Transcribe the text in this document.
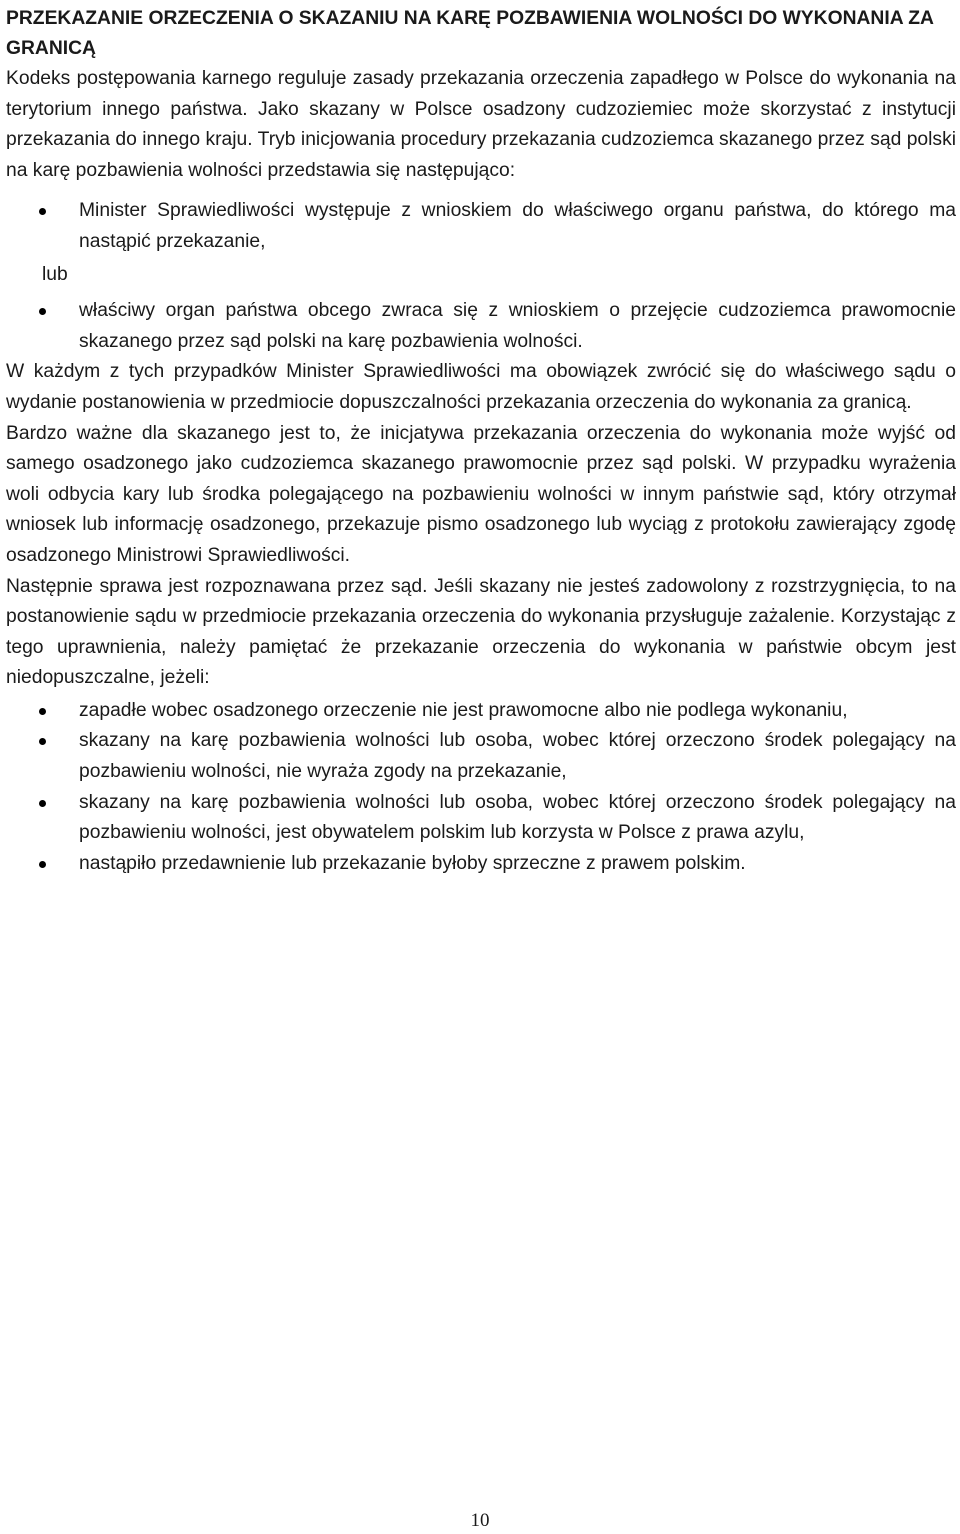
PRZEKAZANIE ORZECZENIA O SKAZANIU NA KARĘ POZBAWIENIA WOLNOŚCI DO WYKONANIA ZA GRANICĄ

Kodeks postępowania karnego reguluje zasady przekazania orzeczenia zapadłego w Polsce do wykonania na terytorium innego państwa. Jako skazany w Polsce osadzony cudzoziemiec może skorzystać z instytucji przekazania do innego kraju. Tryb inicjowania procedury przekazania cudzoziemca skazanego przez sąd polski na karę pozbawienia wolności przedstawia się następująco:

Minister Sprawiedliwości występuje z wnioskiem do właściwego organu państwa, do którego ma nastąpić przekazanie,
lub
właściwy organ państwa obcego zwraca się z wnioskiem o przejęcie cudzoziemca prawomocnie skazanego przez sąd polski na karę pozbawienia wolności.

W każdym z tych przypadków Minister Sprawiedliwości ma obowiązek zwrócić się do właściwego sądu o wydanie postanowienia w przedmiocie dopuszczalności przekazania orzeczenia do wykonania za granicą.

Bardzo ważne dla skazanego jest to, że inicjatywa przekazania orzeczenia do wykonania może wyjść od samego osadzonego jako cudzoziemca skazanego prawomocnie przez sąd polski. W przypadku wyrażenia woli odbycia kary lub środka polegającego na pozbawieniu wolności w innym państwie sąd, który otrzymał wniosek lub informację osadzonego, przekazuje pismo osadzonego lub wyciąg z protokołu zawierający zgodę osadzonego Ministrowi Sprawiedliwości.

Następnie sprawa jest rozpoznawana przez sąd. Jeśli skazany nie jesteś zadowolony z rozstrzygnięcia, to na postanowienie sądu w przedmiocie przekazania orzeczenia do wykonania przysługuje zażalenie. Korzystając z tego uprawnienia, należy pamiętać że przekazanie orzeczenia do wykonania w państwie obcym jest niedopuszczalne, jeżeli:

zapadłe wobec osadzonego orzeczenie nie jest prawomocne albo nie podlega wykonaniu,
skazany na karę pozbawienia wolności lub osoba, wobec której orzeczono środek polegający na pozbawieniu wolności, nie wyraża zgody na przekazanie,
skazany na karę pozbawienia wolności lub osoba, wobec której orzeczono środek polegający na pozbawieniu wolności, jest obywatelem polskim lub korzysta w Polsce z prawa azylu,
nastąpiło przedawnienie lub przekazanie byłoby sprzeczne z prawem polskim.
10
